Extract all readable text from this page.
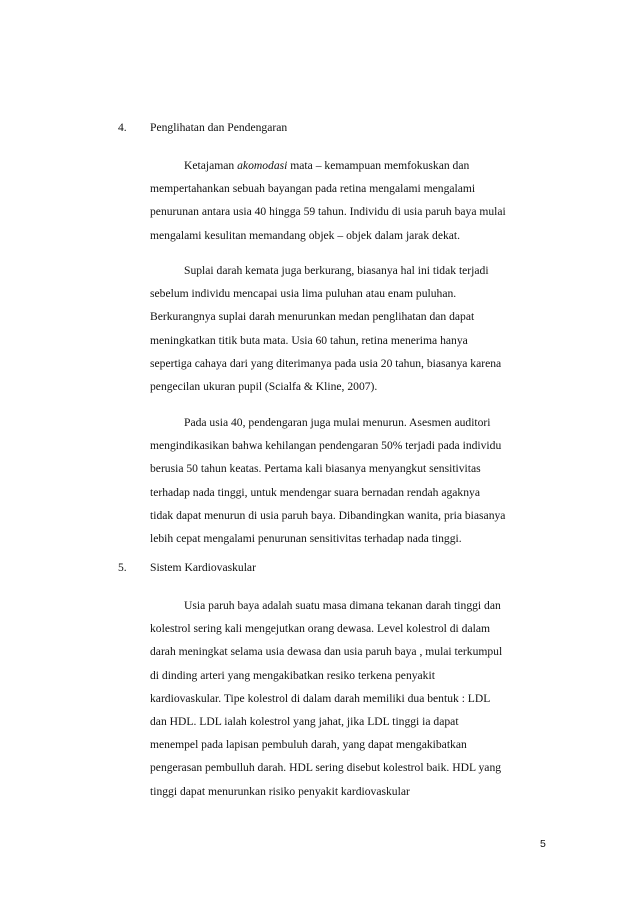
4. Penglihatan dan Pendengaran
Ketajaman akomodasi mata – kemampuan memfokuskan dan
mempertahankan sebuah bayangan pada retina mengalami mengalami
penurunan antara usia 40 hingga 59 tahun. Individu di usia paruh baya mulai
mengalami kesulitan memandang objek – objek dalam jarak dekat.
Suplai darah kemata juga berkurang, biasanya hal ini tidak terjadi
sebelum individu mencapai usia lima puluhan atau enam puluhan.
Berkurangnya suplai darah menurunkan medan penglihatan dan dapat
meningkatkan titik buta mata. Usia 60 tahun, retina menerima hanya
sepertiga cahaya dari yang diterimanya pada usia 20 tahun, biasanya karena
pengecilan ukuran pupil (Scialfa & Kline, 2007).
Pada usia 40, pendengaran juga mulai menurun. Asesmen auditori
mengindikasikan bahwa kehilangan pendengaran 50% terjadi pada individu
berusia 50 tahun keatas. Pertama kali biasanya menyangkut sensitivitas
terhadap nada tinggi, untuk mendengar suara bernadan rendah agaknya
tidak dapat menurun di usia paruh baya. Dibandingkan wanita, pria biasanya
lebih cepat mengalami penurunan sensitivitas terhadap nada tinggi.
5. Sistem Kardiovaskular
Usia paruh baya adalah suatu masa dimana tekanan darah tinggi dan
kolestrol sering kali mengejutkan orang dewasa. Level kolestrol di dalam
darah meningkat selama usia dewasa dan usia paruh baya , mulai terkumpul
di dinding arteri yang mengakibatkan resiko terkena penyakit
kardiovaskular. Tipe kolestrol di dalam darah memiliki dua bentuk : LDL
dan HDL. LDL ialah kolestrol yang jahat, jika LDL tinggi ia dapat
menempel pada lapisan pembuluh darah, yang dapat mengakibatkan
pengerasan pembulluh darah. HDL sering disebut kolestrol baik. HDL yang
tinggi dapat menurunkan risiko penyakit kardiovaskular
5
